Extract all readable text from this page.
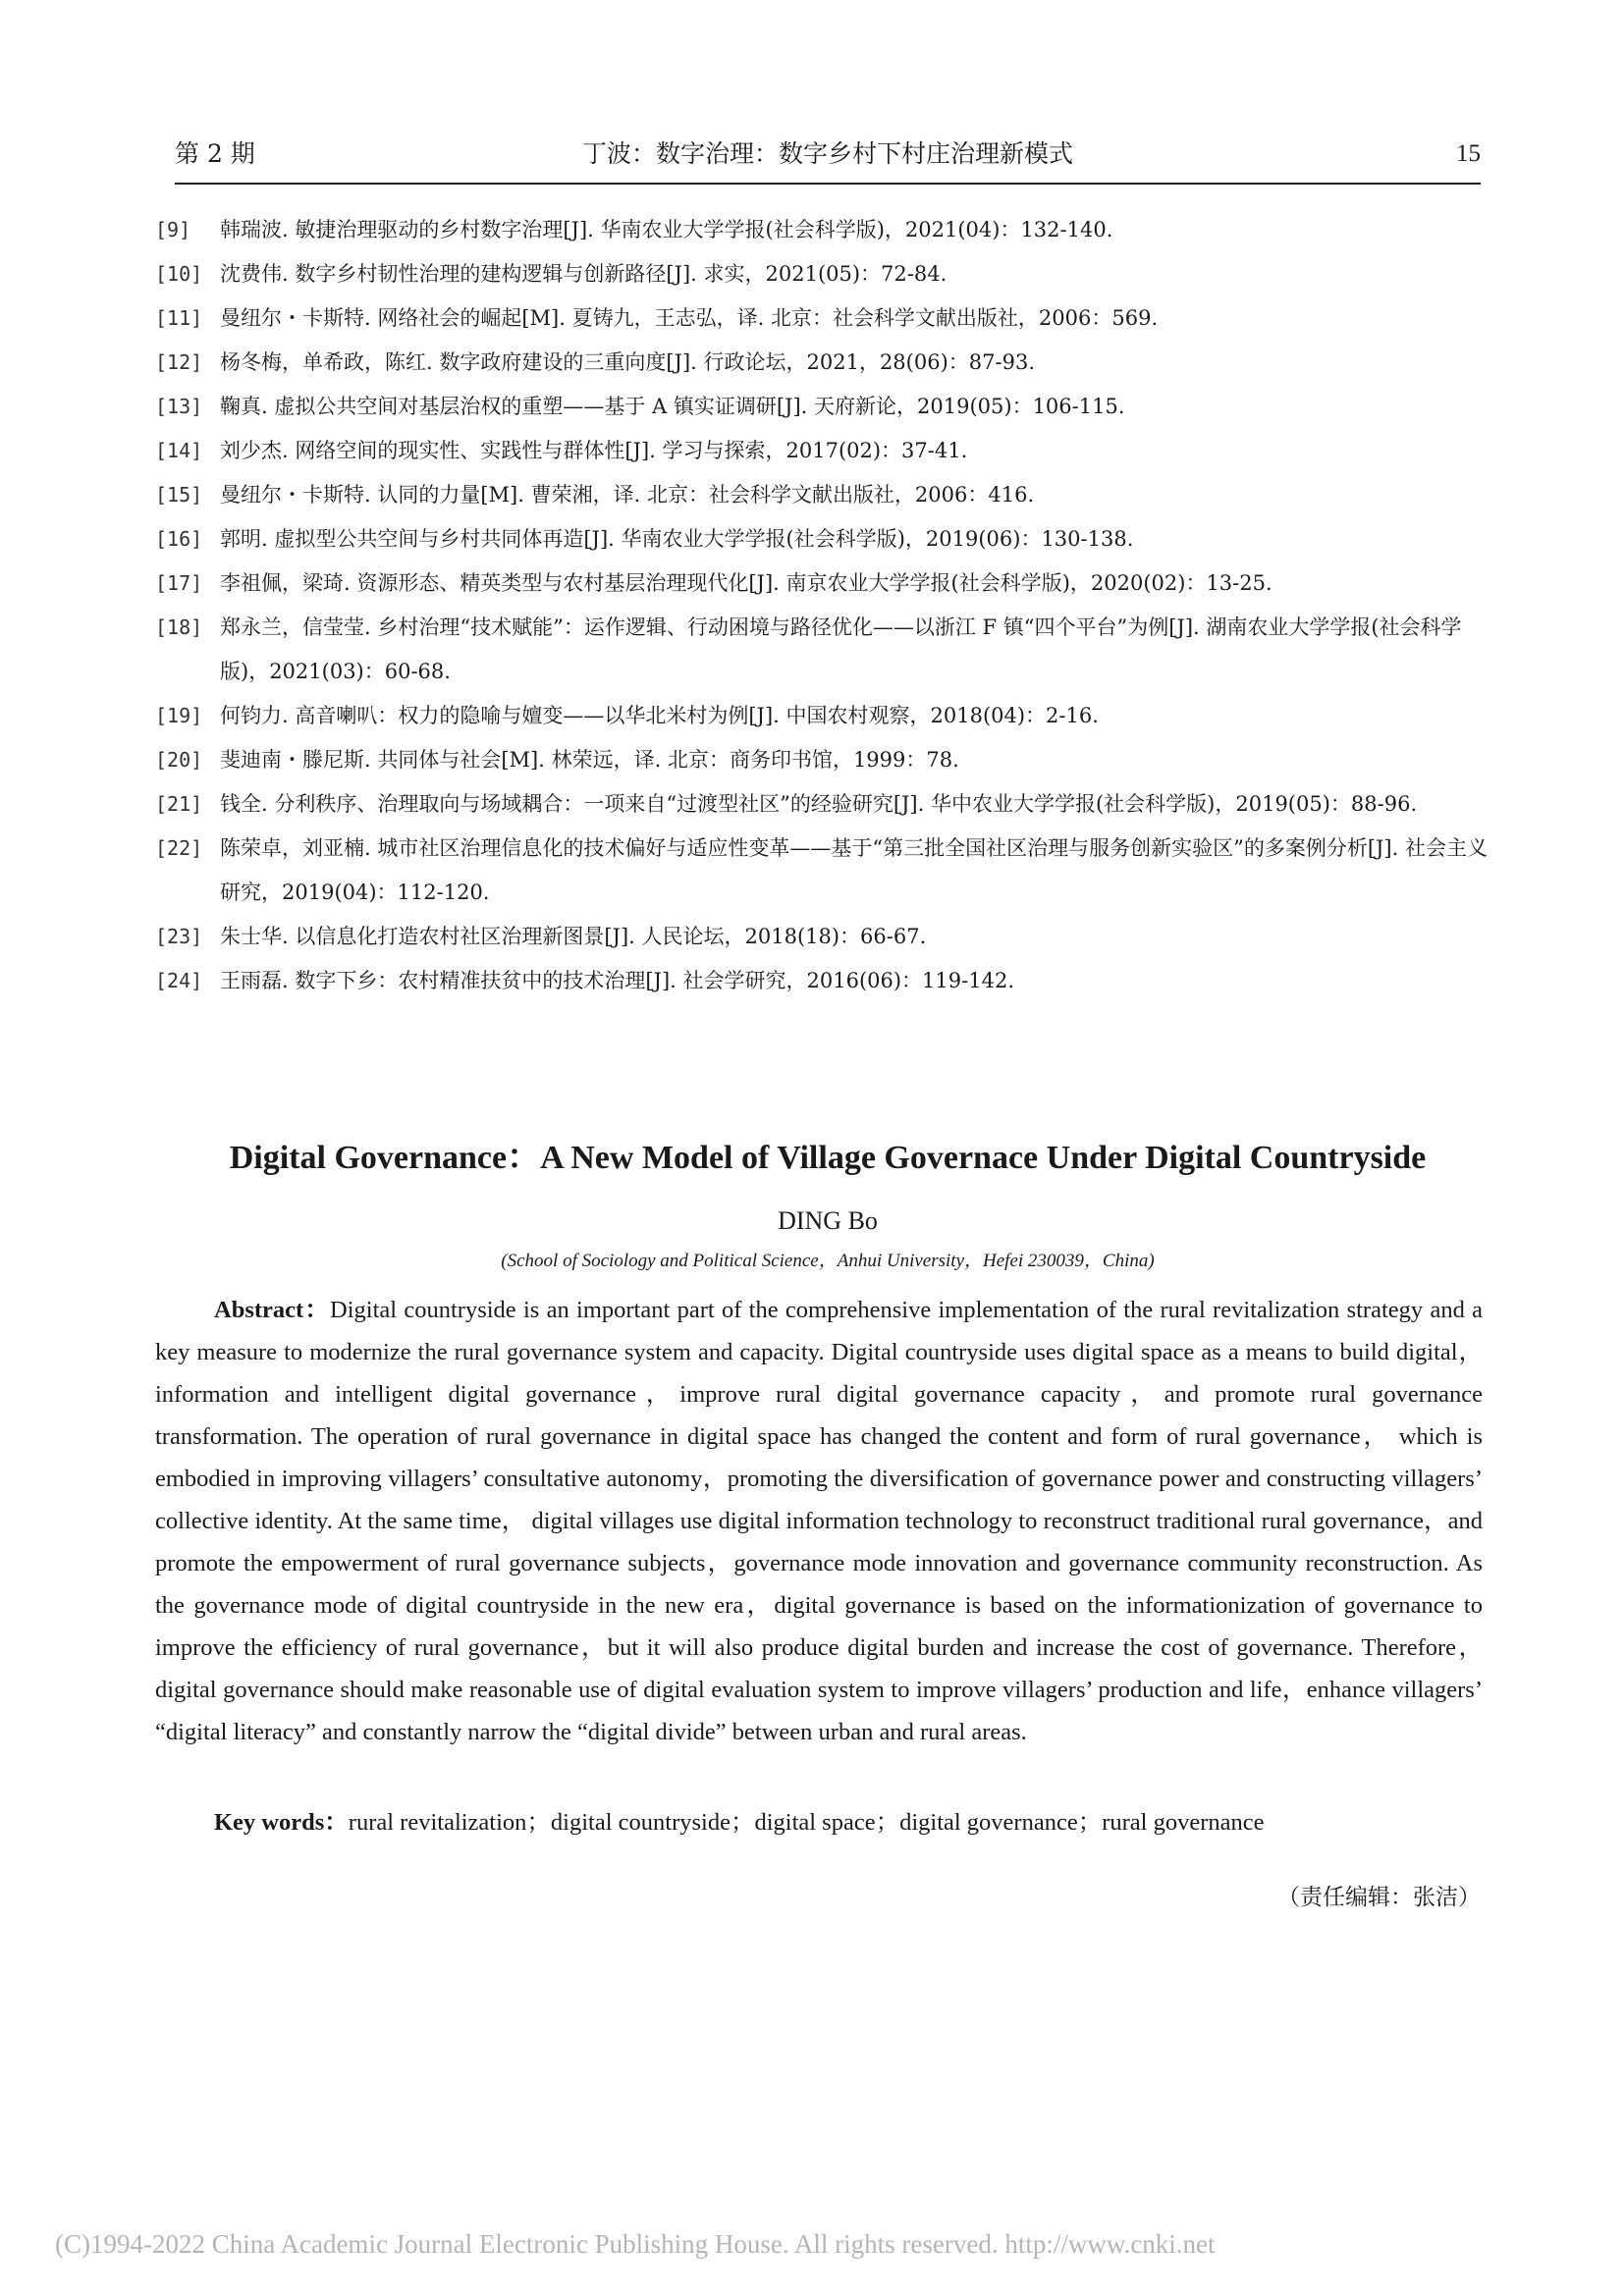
第 2 期	丁波：数字治理：数字乡村下村庄治理新模式	15
[9] 韩瑞波. 敏捷治理驱动的乡村数字治理[J]. 华南农业大学学报(社会科学版)，2021(04)：132-140.
[10] 沈费伟. 数字乡村韧性治理的建构逻辑与创新路径[J]. 求实，2021(05)：72-84.
[11] 曼纽尔・卡斯特. 网络社会的崛起[M]. 夏铸九，王志弘，译. 北京：社会科学文献出版社，2006：569.
[12] 杨冬梅，单希政，陈红. 数字政府建设的三重向度[J]. 行政论坛，2021，28(06)：87-93.
[13] 鞠真. 虚拟公共空间对基层治权的重塑——基于 A 镇实证调研[J]. 天府新论，2019(05)：106-115.
[14] 刘少杰. 网络空间的现实性、实践性与群体性[J]. 学习与探索，2017(02)：37-41.
[15] 曼纽尔・卡斯特. 认同的力量[M]. 曹荣湘，译. 北京：社会科学文献出版社，2006：416.
[16] 郭明. 虚拟型公共空间与乡村共同体再造[J]. 华南农业大学学报(社会科学版)，2019(06)：130-138.
[17] 李祖佩，梁琦. 资源形态、精英类型与农村基层治理现代化[J]. 南京农业大学学报(社会科学版)，2020(02)：13-25.
[18] 郑永兰，信莹莹. 乡村治理“技术赋能”：运作逻辑、行动困境与路径优化——以浙江 F 镇“四个平台”为例[J]. 湖南农业大学学报(社会科学版)，2021(03)：60-68.
[19] 何钧力. 高音喇叭：权力的隐喻与嬗变——以华北米村为例[J]. 中国农村观察，2018(04)：2-16.
[20] 斐迪南・滕尼斯. 共同体与社会[M]. 林荣远，译. 北京：商务印书馆，1999：78.
[21] 钱全. 分利秩序、治理取向与场域耦合：一项来自“过渡型社区”的经验研究[J]. 华中农业大学学报(社会科学版)，2019(05)：88-96.
[22] 陈荣卓，刘亚楠. 城市社区治理信息化的技术偏好与适应性变革——基于“第三批全国社区治理与服务创新实验区”的多案例分析[J]. 社会主义研究，2019(04)：112-120.
[23] 朱士华. 以信息化打造农村社区治理新图景[J]. 人民论坛，2018(18)：66-67.
[24] 王雨磊. 数字下乡：农村精准扶贫中的技术治理[J]. 社会学研究，2016(06)：119-142.
Digital Governance：A New Model of Village Governace Under Digital Countryside
DING Bo
(School of Sociology and Political Science，Anhui University，Hefei 230039，China)
Abstract：Digital countryside is an important part of the comprehensive implementation of the rural revitalization strategy and a key measure to modernize the rural governance system and capacity. Digital countryside uses digital space as a means to build digital，information and intelligent digital governance，improve rural digital governance capacity，and promote rural governance transformation. The operation of rural governance in digital space has changed the content and form of rural governance， which is embodied in improving villagers’ consultative autonomy，promoting the diversification of governance power and constructing villagers’ collective identity. At the same time， digital villages use digital information technology to reconstruct traditional rural governance，and promote the empowerment of rural governance subjects，governance mode innovation and governance community reconstruction. As the governance mode of digital countryside in the new era，digital governance is based on the informationization of governance to improve the efficiency of rural governance，but it will also produce digital burden and increase the cost of governance. Therefore，digital governance should make reasonable use of digital evaluation system to improve villagers’ production and life，enhance villagers’ “digital literacy” and constantly narrow the “digital divide” between urban and rural areas.
Key words：rural revitalization；digital countryside；digital space；digital governance；rural governance
（责任编辑：张洁）
(C)1994-2022 China Academic Journal Electronic Publishing House. All rights reserved. http://www.cnki.net
